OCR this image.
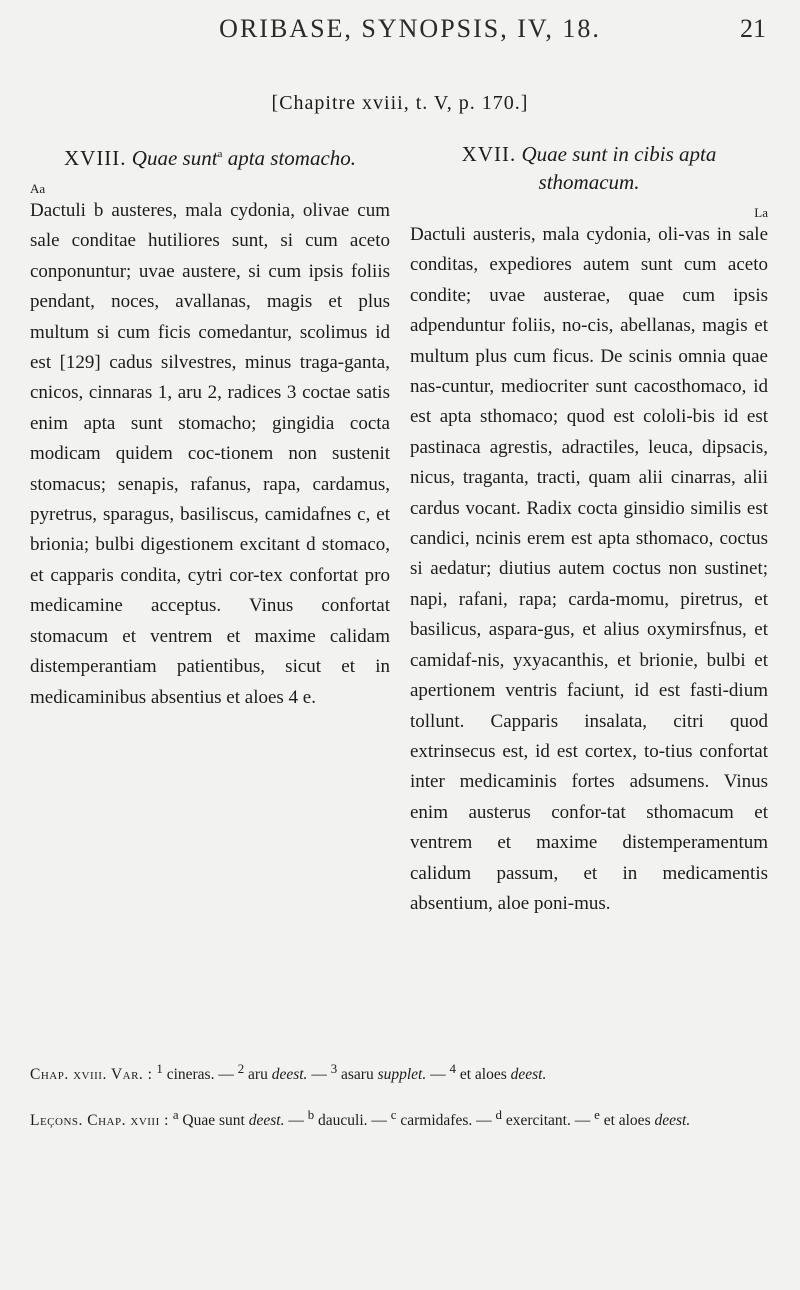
ORIBASE, SYNOPSIS, IV, 18.	21
[Chapitre xviii, t. V, p. 170.]
XVIII. Quae sunt$^a$ apta stomacho.
Aa
Dactuli b austeres, mala cydonia, olivae cum sale conditae hutiliores sunt, si cum aceto conponuntur; uvae austere, si cum ipsis foliis pendant, noces, avallanas, magis et plus multum si cum ficis comedantur, scolimus id est [129] cadus silvestres, minus traga-ganta, cnicos, cinnaras 1, aru 2, radices 3 coctae satis enim apta sunt stomacho; gingidia cocta modicam quidem coc-tionem non sustenit stomacus; senapis, rafanus, rapa, cardamus, pyretrus, sparagus, basiliscus, camidafnes c, et brionia; bulbi digestionem excitant d stomaco, et capparis condita, cytri cor-tex confortat pro medicamine acceptus. Vinus confortat stomacum et ventrem et maxime calidam distemperantiam patientibus, sicut et in medicaminibus absentius et aloes 4 e.
XVII. Quae sunt in cibis apta sthomacum.
La
Dactuli austeris, mala cydonia, oli-vas in sale conditas, expediores autem sunt cum aceto condite; uvae austerae, quae cum ipsis adpenduntur foliis, no-cis, abellanas, magis et multum plus cum ficus. De scinis omnia quae nas-cuntur, mediocriter sunt cacosthomaco, id est apta sthomaco; quod est cololi-bis id est pastinaca agrestis, adractiles, leuca, dipsacis, nicus, traganta, tracti, quam alii cinarras, alii cardus vocant. Radix cocta ginsidio similis est candici, ncinis erem est apta sthomaco, coctus si aedatur; diutius autem coctus non sustinet; napi, rafani, rapa; carda-momu, piretrus, et basilicus, aspara-gus, et alius oxymirsfnus, et camidaf-nis, yxyacanthis, et brionie, bulbi et apertionem ventris faciunt, id est fasti-dium tollunt. Capparis insalata, citri quod extrinsecus est, id est cortex, to-tius confortat inter medicaminis fortes adsumens. Vinus enim austerus confor-tat sthomacum et ventrem et maxime distemperamentum calidum passum, et in medicamentis absentium, aloe poni-mus.
Chap. xviii. Var. : $^1$ cineras. — $^2$ aru deest. — $^3$ asaru supplet. — $^4$ et aloes deest.
Leçons. Chap. xviii : $^a$ Quae sunt deest. — $^b$ dauculi. — $^c$ carmidafes. — $^d$ exercitant. — $^e$ et aloes deest.
